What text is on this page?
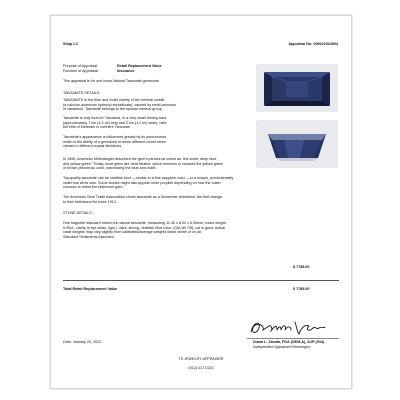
Shop LC	Appraisal No: 000022024004
Purpose of Appraisal:	Retail Replacement Value
Function of Appraisal:	Insurance
This appraisal is for one loose Natural Tanzanite gemstone.
TANZANITE DETAILS -
TANZANITE is the blue and violet variety of the mineral zoisite
(a calcium aluminum hydroxyl sorosilicate), caused by small amounts
of vanadium. Tanzanite belongs to the epidote mineral group.
Tanzanite is only found in Tanzania, in a very small mining area
(approximately 7 km (4.3 mi) long and 2 km (1.2 mi) wide), near
the hills of Mererani in northern Tanzania.
Tanzanite's appearance is influenced greatly by its pleochroism,
which is the ability of a gemstone to show different colors when
viewed in different crystal directions.
In 1969, American Mineralogist described the gem's pleochroic colors as 'red-violet, deep blue,
and yellow green.' Today, most gems are heat treated, which removes or reduces the yellow green
or brown pleochroic color, maximizing the blue and violet.
Top-quality tanzanite can be violetish blue —similar to a fine sapphire color —or a unique, predominately
violet hue all its own. Some stones might also appear more purplish depending on how the cutter
chooses to orient the fashioned gem.
The American Gem Trade Association chose tanzanite as a December birthstone, the first change
to their birthstone list since 1912.
STONE DETAILS -
One baguette standard mixed cut natural tanzanite, measuring 11.40 x 8.02 x 6.50mm, exact weight
5.90ct., clarity is eye clean, type I, dark, strong, violetish blue color, (GIA vB 7/5), cut is good. Actual
carat weights may vary slightly from calibrated/average weights listed online or on air.
Standard Treatments Assumed.
$ 7788.00
Total Retail Replacement Value	$ 7788.00
Date: January 24, 2022	Diana L. Zavala, FGA (GEM-A), AJP (GIA)
Independent Appraiser/Gemologist
TX JEWELRY APPRAISER
(512) 417-0223
